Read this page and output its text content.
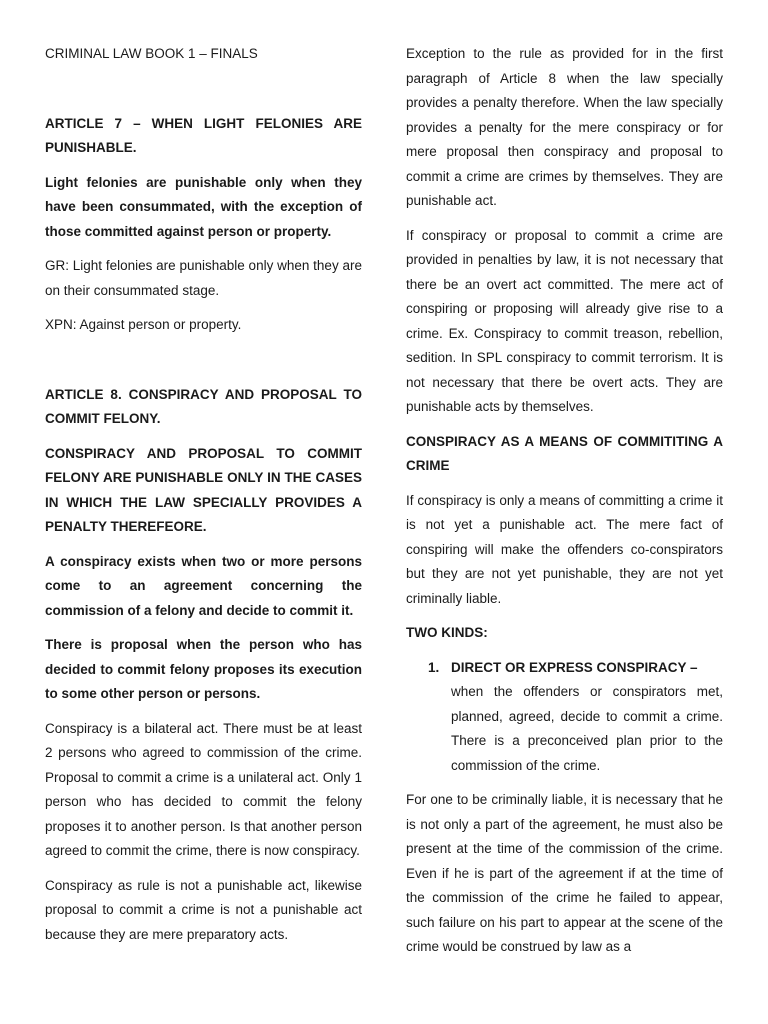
CRIMINAL LAW BOOK 1 – FINALS

ARTICLE 7 – WHEN LIGHT FELONIES ARE PUNISHABLE.

Light felonies are punishable only when they have been consummated, with the exception of those committed against person or property.

GR: Light felonies are punishable only when they are on their consummated stage.

XPN: Against person or property.

ARTICLE 8. CONSPIRACY AND PROPOSAL TO COMMIT FELONY.

CONSPIRACY AND PROPOSAL TO COMMIT FELONY ARE PUNISHABLE ONLY IN THE CASES IN WHICH THE LAW SPECIALLY PROVIDES A PENALTY THEREFEORE.

A conspiracy exists when two or more persons come to an agreement concerning the commission of a felony and decide to commit it.

There is proposal when the person who has decided to commit felony proposes its execution to some other person or persons.

Conspiracy is a bilateral act. There must be at least 2 persons who agreed to commission of the crime. Proposal to commit a crime is a unilateral act. Only 1 person who has decided to commit the felony proposes it to another person. Is that another person agreed to commit the crime, there is now conspiracy.

Conspiracy as rule is not a punishable act, likewise proposal to commit a crime is not a punishable act because they are mere preparatory acts.

Exception to the rule as provided for in the first paragraph of Article 8 when the law specially provides a penalty therefore. When the law specially provides a penalty for the mere conspiracy or for mere proposal then conspiracy and proposal to commit a crime are crimes by themselves. They are punishable act.

If conspiracy or proposal to commit a crime are provided in penalties by law, it is not necessary that there be an overt act committed. The mere act of conspiring or proposing will already give rise to a crime. Ex. Conspiracy to commit treason, rebellion, sedition. In SPL conspiracy to commit terrorism. It is not necessary that there be overt acts. They are punishable acts by themselves.

CONSPIRACY AS A MEANS OF COMMITITING A CRIME

If conspiracy is only a means of committing a crime it is not yet a punishable act. The mere fact of conspiring will make the offenders co-conspirators but they are not yet punishable, they are not yet criminally liable.

TWO KINDS:

1. DIRECT OR EXPRESS CONSPIRACY –
when the offenders or conspirators met, planned, agreed, decide to commit a crime. There is a preconceived plan prior to the commission of the crime.

For one to be criminally liable, it is necessary that he is not only a part of the agreement, he must also be present at the time of the commission of the crime. Even if he is part of the agreement if at the time of the commission of the crime he failed to appear, such failure on his part to appear at the scene of the crime would be construed by law as a
